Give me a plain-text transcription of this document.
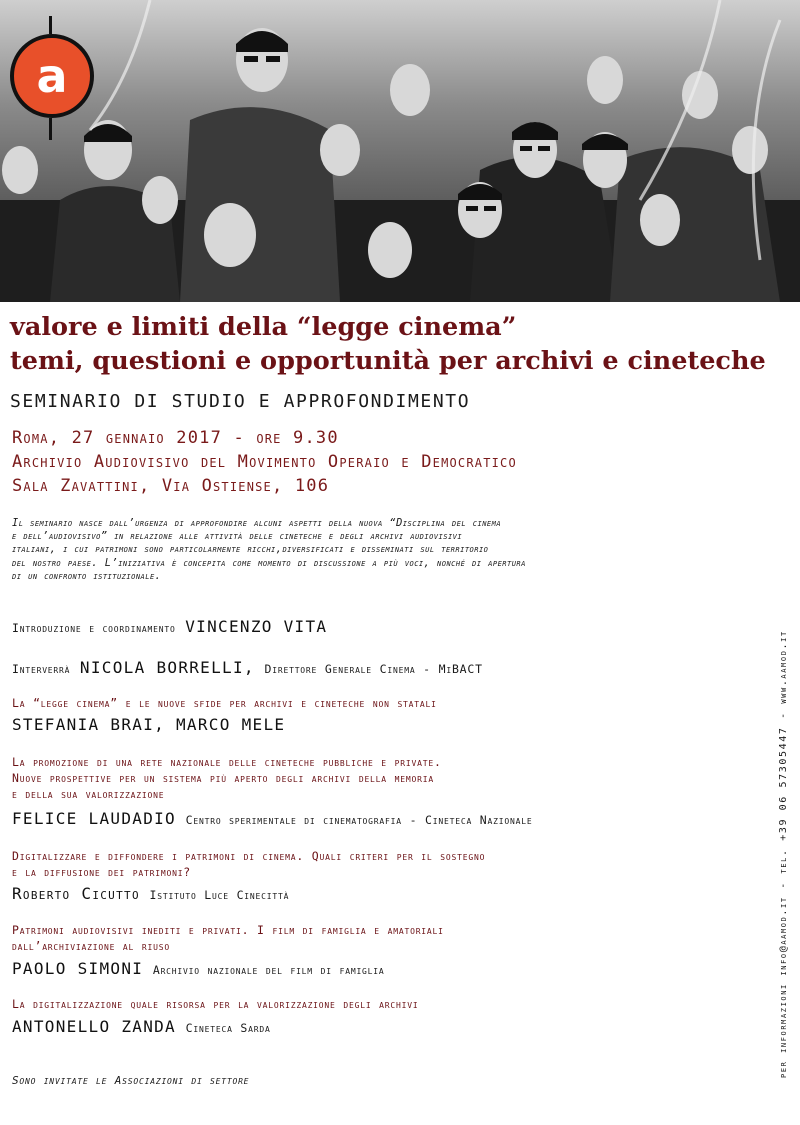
a
valore e limiti della “legge cinema”
temi, questioni e opportunità per archivi e cineteche
SEMINARIO DI STUDIO E APPROFONDIMENTO
Roma, 27 gennaio 2017 - ore 9.30
Archivio Audiovisivo del Movimento Operaio e Democratico
Sala Zavattini, Via Ostiense, 106
Il seminario nasce dall’urgenza di approfondire alcuni aspetti della nuova “Disciplina del cinema
e dell’audiovisivo” in relazione alle attività delle cineteche e degli archivi audiovisivi
italiani, i cui patrimoni sono particolarmente ricchi,diversificati e disseminati sul territorio
del nostro paese. L’iniziativa è concepita come momento di discussione a più voci, nonché di apertura
di un confronto istituzionale.
Introduzione e coordinamento VINCENZO VITA
Interverrà NICOLA BORRELLI, Direttore Generale Cinema - MiBACT
La “legge cinema” e le nuove sfide per archivi e cineteche non statali
STEFANIA BRAI, MARCO MELE
La promozione di una rete nazionale delle cineteche pubbliche e private.
Nuove prospettive per un sistema più aperto degli archivi della memoria
e della sua valorizzazione
FELICE LAUDADIO Centro sperimentale di cinematografia - Cineteca Nazionale
Digitalizzare e diffondere i patrimoni di cinema. Quali criteri per il sostegno
e la diffusione dei patrimoni?
Roberto Cicutto Istituto Luce Cinecittà
Patrimoni audiovisivi inediti e privati. I film di famiglia e amatoriali
dall’archiviazione al riuso
PAOLO SIMONI Archivio nazionale del film di famiglia
La digitalizzazione quale risorsa per la valorizzazione degli archivi
ANTONELLO ZANDA Cineteca Sarda
Sono invitate le Associazioni di settore
per informazioni info@aamod.it - tel. +39 06 57305447 - www.aamod.it
